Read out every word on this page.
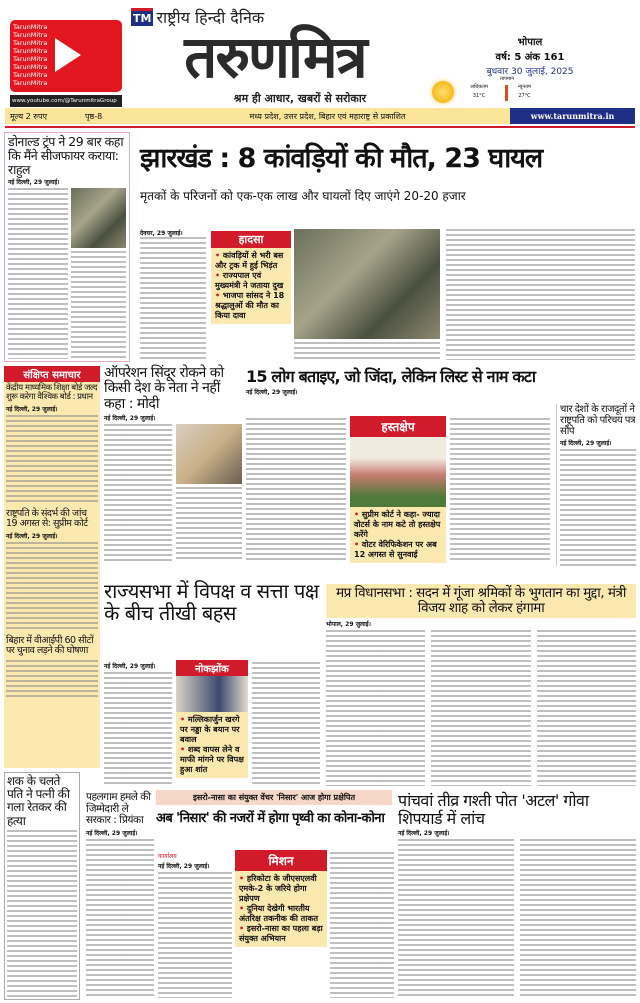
TarunMitra
TarunMitra
TarunMitra
TarunMitra
TarunMitra
TarunMitra
TarunMitra
TarunMitra
www.youtube.com/@TarunmitraGroup
TM राष्ट्रीय हिन्दी दैनिक
तरुणमित्र
श्रम ही आधार, खबरों से सरोकार
भोपाल
वर्ष: 5 अंक 161
बुधवार 30 जुलाई, 2025
तापमान
अधिकतम
31°C
न्यूनतम
27°C
मूल्य 2 रुपए	पृष्ठ-8	मध्य प्रदेश, उत्तर प्रदेश, बिहार एवं महाराष्ट्र से प्रकाशित	www.tarunmitra.in
डोनाल्ड ट्रंप ने 29 बार कहा कि मैंने सीजफायर कराया: राहुल
नई दिल्ली, 29 जुलाई।
झारखंड : 8 कांवड़ियों की मौत, 23 घायल
मृतकों के परिजनों को एक-एक लाख और घायलों दिए जाएंगे 20-20 हजार
देवघर, 29 जुलाई।	हादसा
• कांवड़ियों से भरी बस और ट्रक में हुई भिड़ंत
• राज्यपाल एवं मुख्यमंत्री ने जताया दुख
• भाजपा सांसद ने 18 श्रद्धालुओं की मौत का किया दावा
संक्षिप्त समाचार
केंद्रीय माध्यमिक शिक्षा बोर्ड जल्द शुरू करेगा वैश्विक बोर्ड : प्रधान
नई दिल्ली, 29 जुलाई।
राष्ट्रपति के संदर्भ की जांच 19 अगस्त से: सुप्रीम कोर्ट
नई दिल्ली, 29 जुलाई।
बिहार में वीआईपी 60 सीटों पर चुनाव लड़ने की घोषणा
ऑपरेशन सिंदूर रोकने को किसी देश के नेता ने नहीं कहा : मोदी
नई दिल्ली, 29 जुलाई।
15 लोग बताइए, जो जिंदा, लेकिन लिस्ट से नाम कटा
नई दिल्ली, 29 जुलाई।
हस्तक्षेप
• सुप्रीम कोर्ट ने कहा- ज्यादा वोटर्स के नाम कटे तो हस्तक्षेप करेंगे
• वोटर वेरिफिकेशन पर अब 12 अगस्त से सुनवाई
चार देशों के राजदूतों ने राष्ट्रपति को परिचय पत्र सौंपे
नई दिल्ली, 29 जुलाई।
राज्यसभा में विपक्ष व सत्ता पक्ष के बीच तीखी बहस
नई दिल्ली, 29 जुलाई।	नोकझोंक
• मल्लिकार्जुन खरगे पर नड्डा के बयान पर बवाल
• शब्द वापस लेने व माफी मांगने पर विपक्ष हुआ शांत
मप्र विधानसभा : सदन में गूंजा श्रमिकों के भुगतान का मुद्दा, मंत्री विजय शाह को लेकर हंगामा
भोपाल, 29 जुलाई।
शक के चलते पति ने पत्नी की गला रेतकर की हत्या
पहलगाम हमले की जिम्मेदारी ले सरकार : प्रियंका
नई दिल्ली, 29 जुलाई।
इसरो-नासा का संयुक्त वेंचर 'निसार' आज होगा प्रक्षेपित
अब 'निसार' की नजरों में होगा पृथ्वी का कोना-कोना
कार्यालय
नई दिल्ली, 29 जुलाई।	मिशन
• हरिकोटा के जीएसएलवी एमके-2 के जरिये होगा प्रक्षेपण
• दुनिया देखेगी भारतीय अंतरिक्ष तकनीक की ताकत
• इसरो-नासा का पहला बड़ा संयुक्त अभियान
पांचवां तीव्र गश्ती पोत 'अटल' गोवा शिपयार्ड में लांच
नई दिल्ली, 29 जुलाई।
